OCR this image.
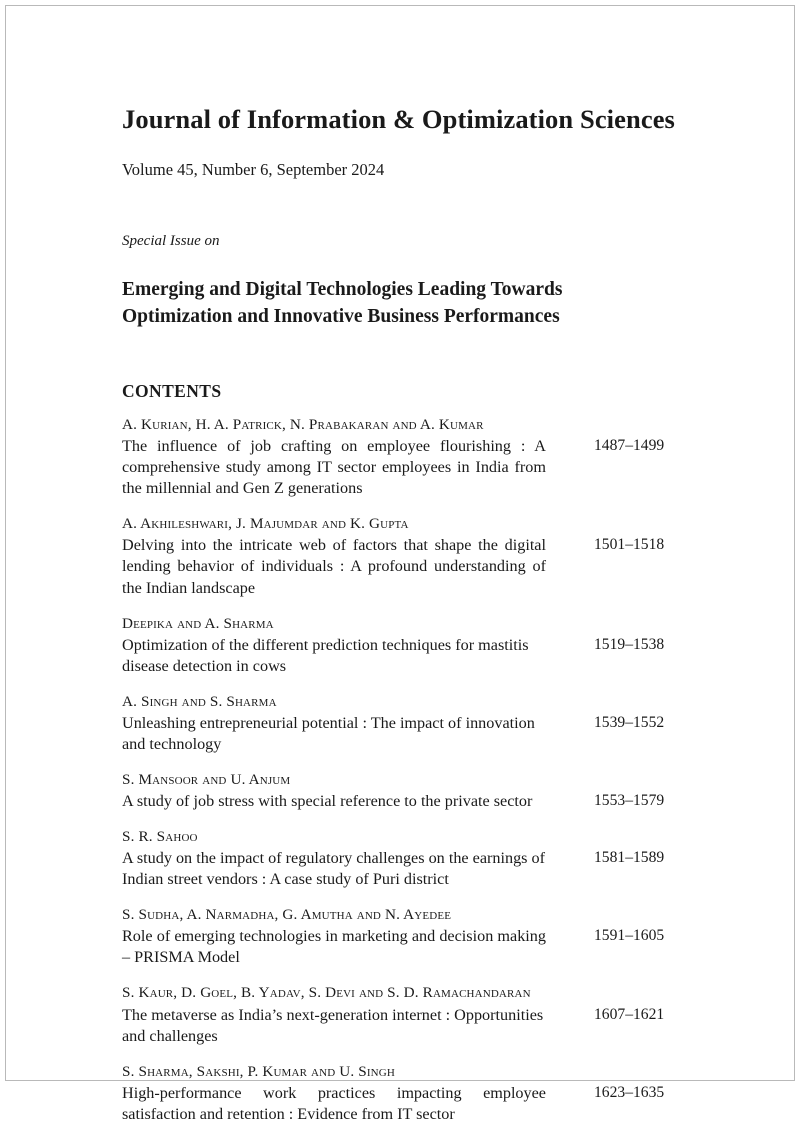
Journal of Information & Optimization Sciences

Volume 45, Number 6, September 2024

Special Issue on

Emerging and Digital Technologies Leading Towards Optimization and Innovative Business Performances
CONTENTS
A. Kurian, H. A. Patrick, N. Prabakaran and A. Kumar
The influence of job crafting on employee flourishing : A comprehensive study among IT sector employees in India from the millennial and Gen Z generations
1487–1499
A. Akhileshwari, J. Majumdar and K. Gupta
Delving into the intricate web of factors that shape the digital lending behavior of individuals : A profound understanding of the Indian landscape
1501–1518
Deepika and A. Sharma
Optimization of the different prediction techniques for mastitis disease detection in cows
1519–1538
A. Singh and S. Sharma
Unleashing entrepreneurial potential : The impact of innovation and technology
1539–1552
S. Mansoor and U. Anjum
A study of job stress with special reference to the private sector	1553–1579
S. R. Sahoo
A study on the impact of regulatory challenges on the earnings of Indian street vendors : A case study of Puri district
1581–1589
S. Sudha, A. Narmadha, G. Amutha and N. Ayedee
Role of emerging technologies in marketing and decision making – PRISMA Model
1591–1605
S. Kaur, D. Goel, B. Yadav, S. Devi and S. D. Ramachandaran
The metaverse as India’s next-generation internet : Opportunities and challenges
1607–1621
S. Sharma, Sakshi, P. Kumar and U. Singh
High-performance work practices impacting employee satisfaction and retention : Evidence from IT sector
1623–1635
